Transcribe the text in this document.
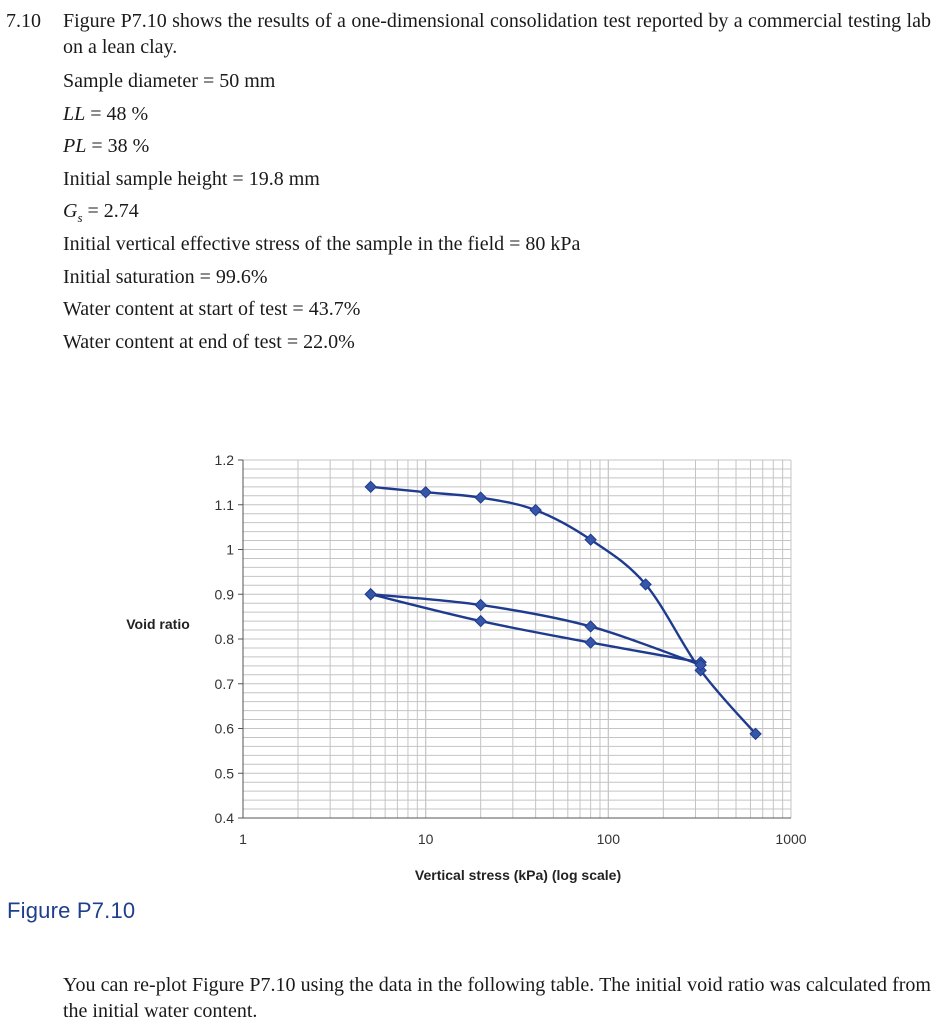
7.10 Figure P7.10 shows the results of a one-dimensional consolidation test reported by a commercial testing lab on a lean clay.
Sample diameter = 50 mm
LL = 48 %
PL = 38 %
Initial sample height = 19.8 mm
$G_s = 2.74$
Initial vertical effective stress of the sample in the field = 80 kPa
Initial saturation = 99.6%
Water content at start of test = 43.7%
Water content at end of test = 22.0%
1.2
1.1
1
0.9
0.8
0.7
0.6
0.5
0.4
1	10	100	1000
Void ratio
Vertical stress (kPa) (log scale)
Figure P7.10
You can re-plot Figure P7.10 using the data in the following table. The initial void ratio was calculated from the initial water content.
